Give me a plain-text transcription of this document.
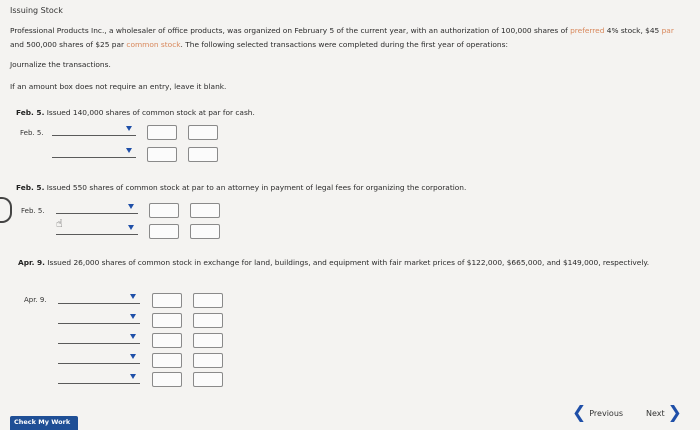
Issuing Stock
Professional Products Inc., a wholesaler of office products, was organized on February 5 of the current year, with an authorization of 100,000 shares of preferred 4% stock, $45 par and 500,000 shares of $25 par common stock. The following selected transactions were completed during the first year of operations:
Journalize the transactions.
If an amount box does not require an entry, leave it blank.
Feb. 5. Issued 140,000 shares of common stock at par for cash.
Feb. 5.
Feb. 5. Issued 550 shares of common stock at par to an attorney in payment of legal fees for organizing the corporation.
Feb. 5.
☝
Apr. 9. Issued 26,000 shares of common stock in exchange for land, buildings, and equipment with fair market prices of $122,000, $665,000, and $149,000, respectively.
Apr. 9.
Check My Work	❮ Previous	Next ❯
